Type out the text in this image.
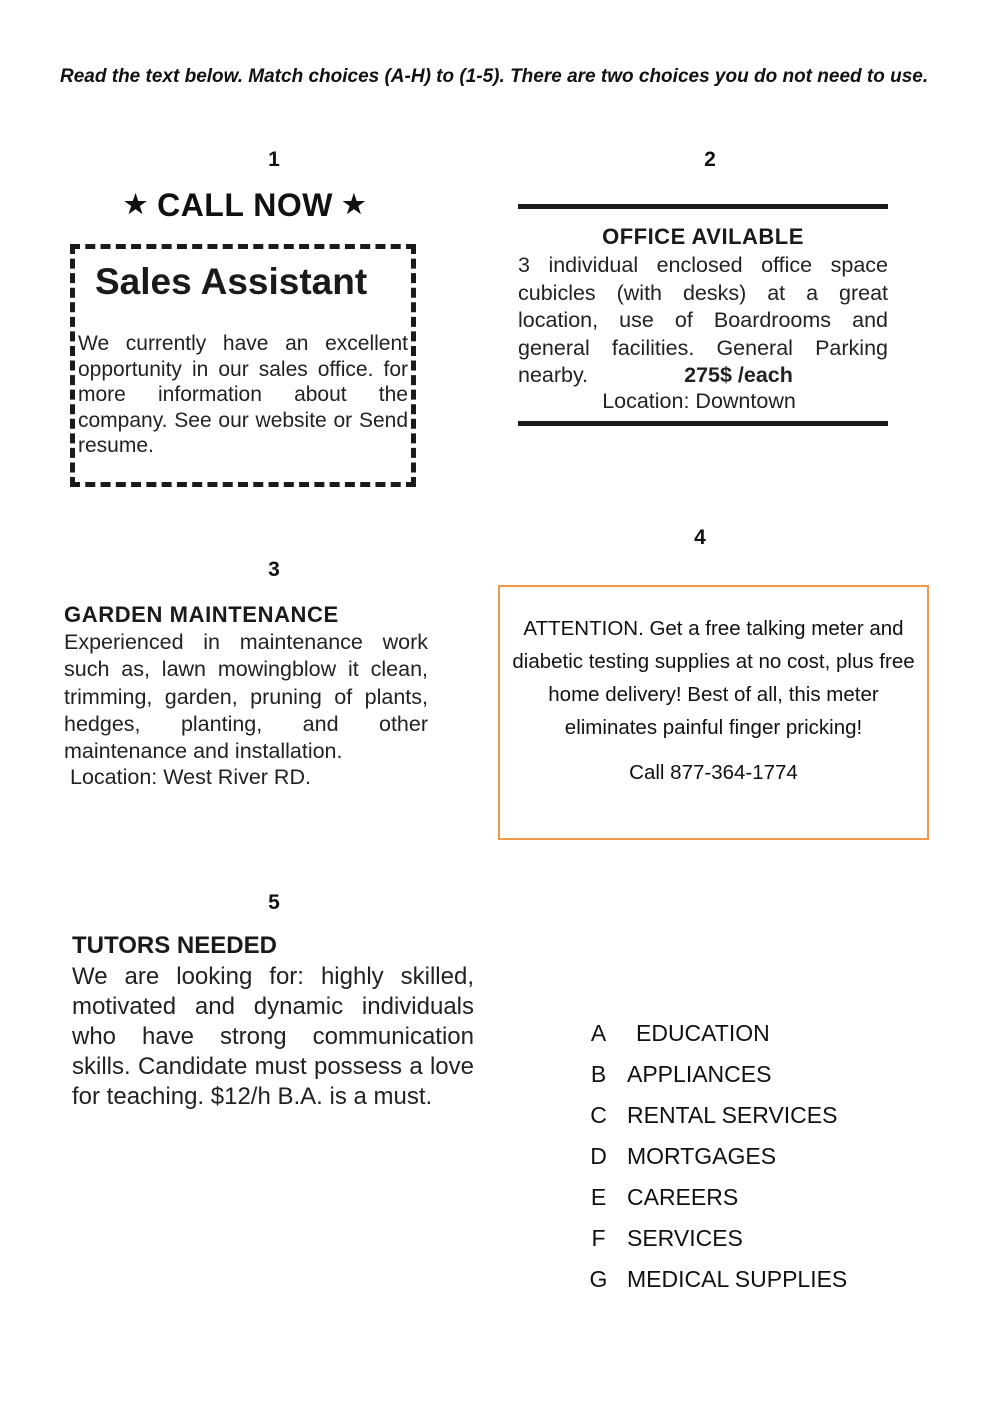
Read the text below. Match choices (A-H) to (1-5). There are two choices you do not need to use.
1
★ CALL NOW ★
Sales Assistant
We currently have an excellent opportunity in our sales office. for more information about the company. See our website or Send resume.
2
OFFICE AVILABLE
3 individual enclosed office space cubicles (with desks) at a great location, use of Boardrooms and general facilities. General Parking nearby.	275$ /each
Location: Downtown
3
GARDEN MAINTENANCE
Experienced in maintenance work such as, lawn mowingblow it clean, trimming, garden, pruning of plants, hedges, planting, and other maintenance and installation.
Location: West River RD.
4
ATTENTION. Get a free talking meter and diabetic testing supplies at no cost, plus free home delivery! Best of all, this meter eliminates painful finger pricking!
Call 877-364-1774
5
TUTORS NEEDED
We are looking for: highly skilled, motivated and dynamic individuals who have strong communication skills. Candidate must possess a love for teaching. $12/h B.A. is a must.
A	EDUCATION
B APPLIANCES
C RENTAL SERVICES
D MORTGAGES
E CAREERS
F SERVICES
G MEDICAL SUPPLIES
